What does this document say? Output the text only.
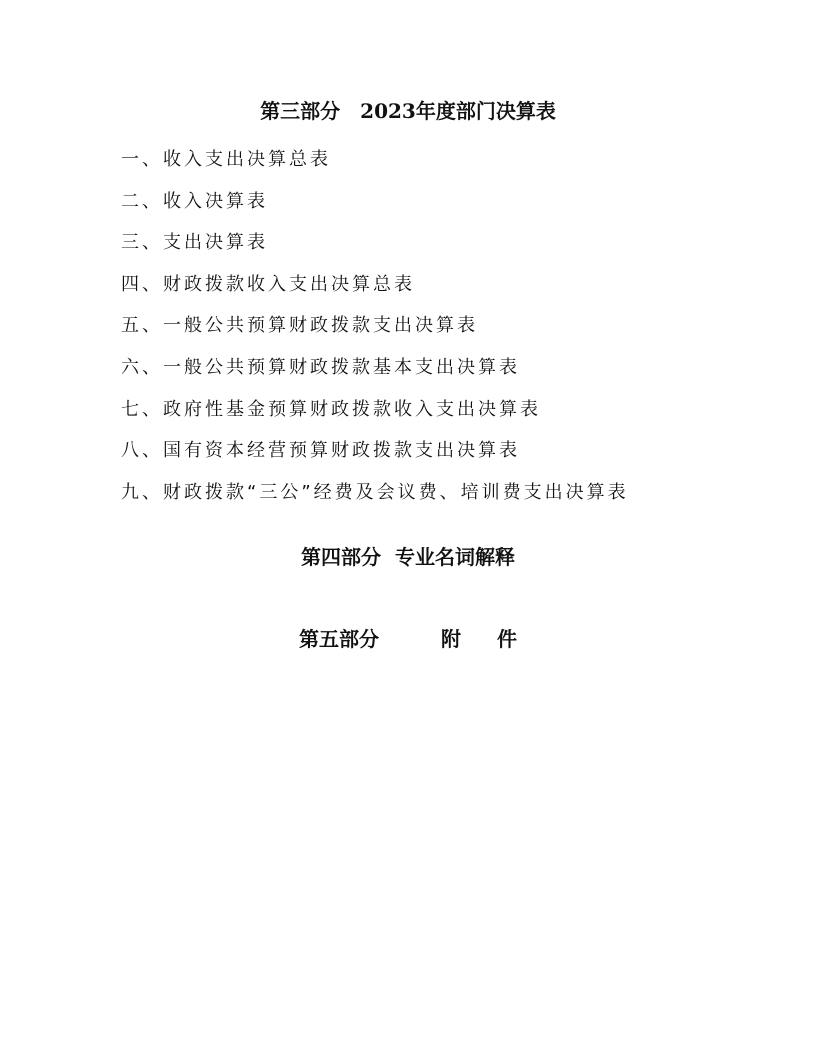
第三部分　2023年度部门决算表
一、收入支出决算总表
二、收入决算表
三、支出决算表
四、财政拨款收入支出决算总表
五、一般公共预算财政拨款支出决算表
六、一般公共预算财政拨款基本支出决算表
七、政府性基金预算财政拨款收入支出决算表
八、国有资本经营预算财政拨款支出决算表
九、财政拨款“三公”经费及会议费、培训费支出决算表
第四部分  专业名词解释
第五部分	附 件
